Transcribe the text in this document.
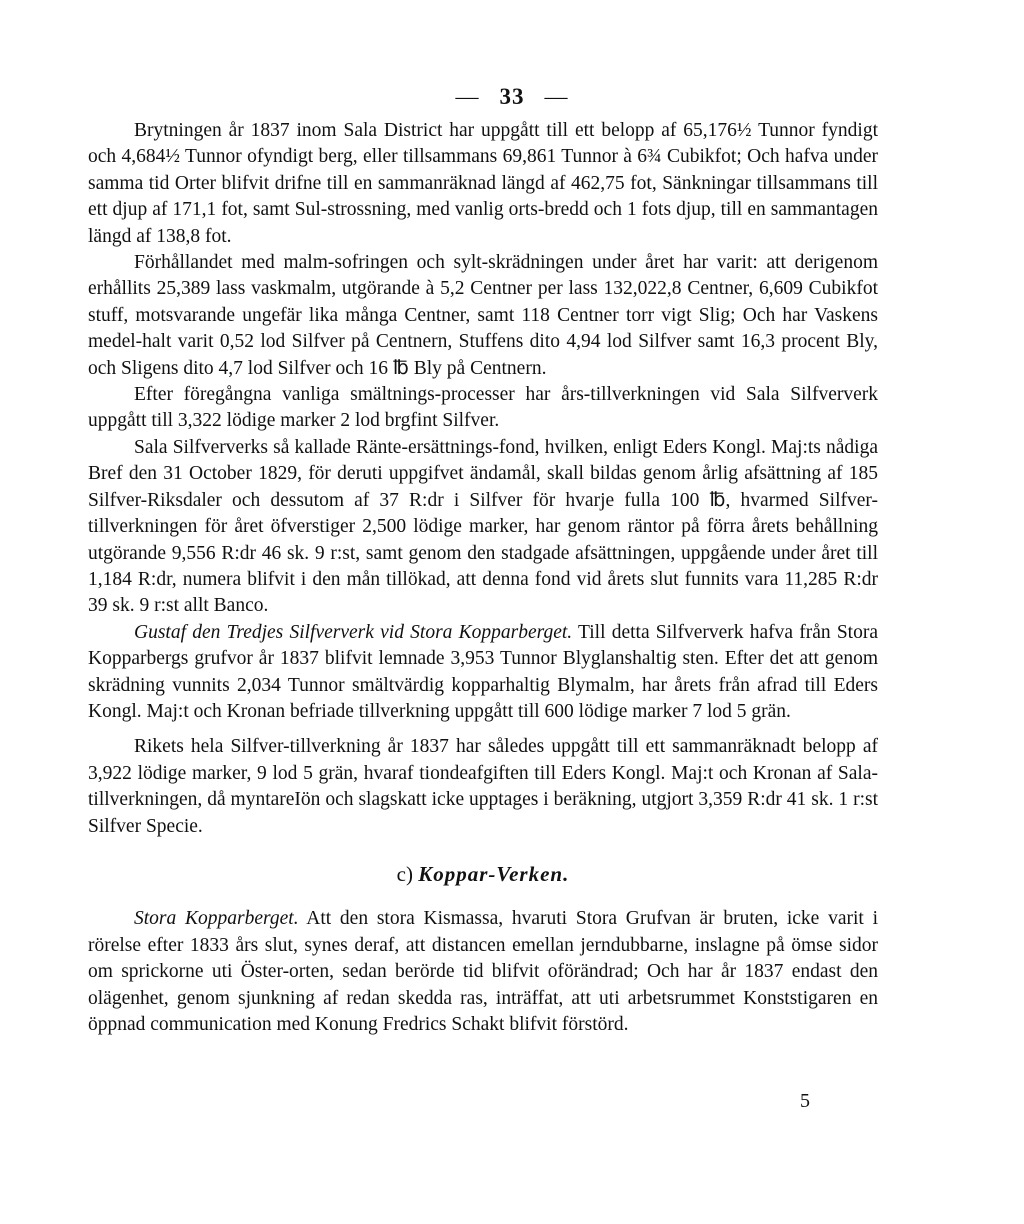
— 33 —

Brytningen år 1837 inom Sala District har uppgått till ett belopp af 65,176½ Tunnor fyndigt och 4,684½ Tunnor ofyndigt berg, eller tillsammans 69,861 Tunnor à 6¾ Cubikfot; Och hafva under samma tid Orter blifvit drifne till en sammanräknad längd af 462,75 fot, Sänkningar tillsammans till ett djup af 171,1 fot, samt Sul-strossning, med vanlig orts-bredd och 1 fots djup, till en sammantagen längd af 138,8 fot.

Förhållandet med malm-sofringen och sylt-skrädningen under året har varit: att derigenom erhållits 25,389 lass vaskmalm, utgörande à 5,2 Centner per lass 132,022,8 Centner, 6,609 Cubikfot stuff, motsvarande ungefär lika många Centner, samt 118 Centner torr vigt Slig; Och har Vaskens medel-halt varit 0,52 lod Silfver på Centnern, Stuffens dito 4,94 lod Silfver samt 16,3 procent Bly, och Sligens dito 4,7 lod Silfver och 16 ℔ Bly på Centnern.

Efter föregångna vanliga smältnings-processer har års-tillverkningen vid Sala Silfververk uppgått till 3,322 lödige marker 2 lod brgfint Silfver.

Sala Silfververks så kallade Ränte-ersättnings-fond, hvilken, enligt Eders Kongl. Maj:ts nådiga Bref den 31 October 1829, för deruti uppgifvet ändamål, skall bildas genom årlig afsättning af 185 Silfver-Riksdaler och dessutom af 37 R:dr i Silfver för hvarje fulla 100 ℔, hvarmed Silfver-tillverkningen för året öfverstiger 2,500 lödige marker, har genom räntor på förra årets behållning utgörande 9,556 R:dr 46 sk. 9 r:st, samt genom den stadgade afsättningen, uppgående under året till 1,184 R:dr, numera blifvit i den mån tillökad, att denna fond vid årets slut funnits vara 11,285 R:dr 39 sk. 9 r:st allt Banco.

Gustaf den Tredjes Silfververk vid Stora Kopparberget. Till detta Silfververk hafva från Stora Kopparbergs grufvor år 1837 blifvit lemnade 3,953 Tunnor Blyglanshaltig sten. Efter det att genom skrädning vunnits 2,034 Tunnor smältvärdig kopparhaltig Blymalm, har årets från afrad till Eders Kongl. Maj:t och Kronan befriade tillverkning uppgått till 600 lödige marker 7 lod 5 grän.

Rikets hela Silfver-tillverkning år 1837 har således uppgått till ett sammanräknadt belopp af 3,922 lödige marker, 9 lod 5 grän, hvaraf tiondeafgiften till Eders Kongl. Maj:t och Kronan af Sala-tillverkningen, då myntareIön och slagskatt icke upptages i beräkning, utgjort 3,359 R:dr 41 sk. 1 r:st Silfver Specie.

c) Koppar-Verken.

Stora Kopparberget. Att den stora Kismassa, hvaruti Stora Grufvan är bruten, icke varit i rörelse efter 1833 års slut, synes deraf, att distancen emellan jerndubbarne, inslagne på ömse sidor om sprickorne uti Öster-orten, sedan berörde tid blifvit oförändrad; Och har år 1837 endast den olägenhet, genom sjunkning af redan skedda ras, inträffat, att uti arbetsrummet Konststigaren en öppnad communication med Konung Fredrics Schakt blifvit förstörd.

5
